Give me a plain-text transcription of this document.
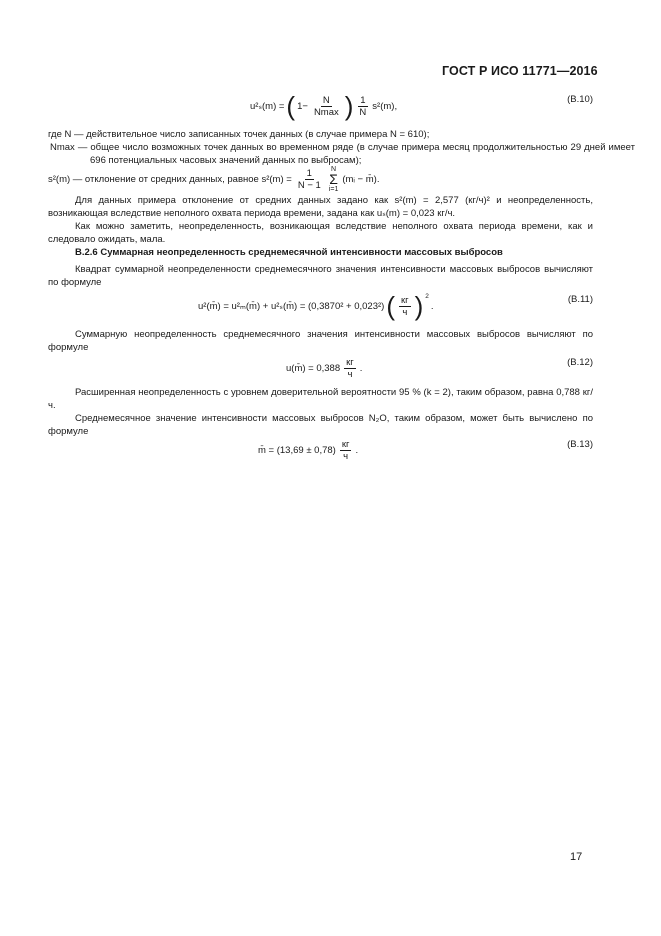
ГОСТ Р ИСО 11771—2016
u²ₛ(m) = ( $1- \frac{N}{Nmax}$ ) $\frac{1}{N} s^2(m)$,
(B.10)
где N — действительное число записанных точек данных (в случае примера N = 610);
Nmax — общее число возможных точек данных во временном ряде (в случае примера месяц продолжительностью 29 дней имеет 696 потенциальных часовых значений данных по выбросам);
s²(m) — отклонение от средних данных, равное $s^2(m) = \frac{1}{N - 1}$ N
Σ
i=1
(mᵢ − m̄).
Для данных примера отклонение от средних данных задано как s²(m) = 2,577 (кг/ч)² и неопределенность, возникающая вследствие неполного охвата периода времени, задана как uₛ(m) = 0,023 кг/ч.
Как можно заметить, неопределенность, возникающая вследствие неполного охвата периода времени, как и следовало ожидать, мала.
B.2.6 Суммарная неопределенность среднемесячной интенсивности массовых выбросов
Квадрат суммарной неопределенности среднемесячного значения интенсивности массовых выбросов вычисляют по формуле
u²(m̄) = u²ₘ(m̄) + u²ₛ(m̄) = (0,3870² + 0,023²) ( $\frac{кг}{ч}$ ) $^2$
.
(B.11)
Суммарную неопределенность среднемесячного значения интенсивности массовых выбросов вычисляют по формуле
u(m̄) = $0,388 \frac{кг}{ч}$ .
(B.12)
Расширенная неопределенность с уровнем доверительной вероятности 95 % (k = 2), таким образом, равна 0,788 кг/ч.
Среднемесячное значение интенсивности массовых выбросов N₂O, таким образом, может быть вычислено по формуле
m̄ = $(13,69 \pm 0,78) \frac{кг}{ч}$ .
(B.13)
17
